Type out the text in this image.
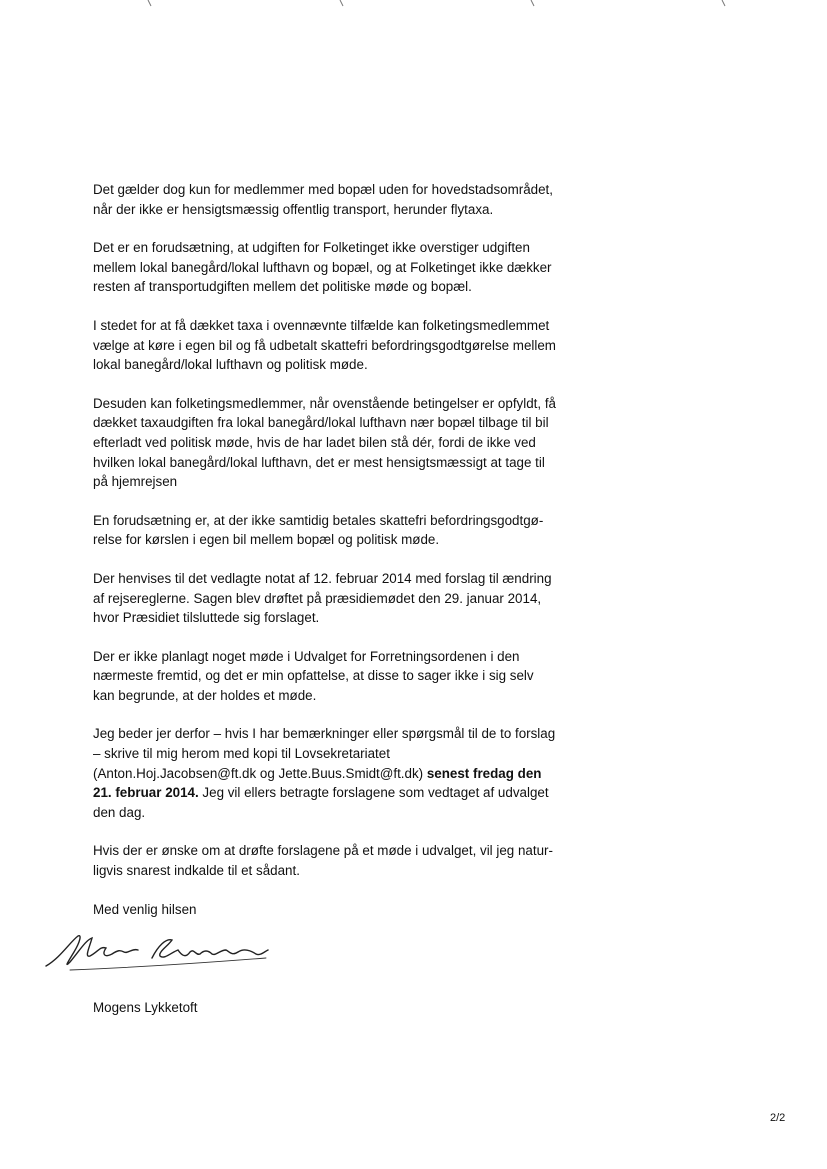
Det gælder dog kun for medlemmer med bopæl uden for hovedstadsområdet,
når der ikke er hensigtsmæssig offentlig transport, herunder flytaxa.

Det er en forudsætning, at udgiften for Folketinget ikke overstiger udgiften
mellem lokal banegård/lokal lufthavn og bopæl, og at Folketinget ikke dækker
resten af transportudgiften mellem det politiske møde og bopæl.

I stedet for at få dækket taxa i ovennævnte tilfælde kan folketingsmedlemmet
vælge at køre i egen bil og få udbetalt skattefri befordringsgodtgørelse mellem
lokal banegård/lokal lufthavn og politisk møde.

Desuden kan folketingsmedlemmer, når ovenstående betingelser er opfyldt, få
dækket taxaudgiften fra lokal banegård/lokal lufthavn nær bopæl tilbage til bil
efterladt ved politisk møde, hvis de har ladet bilen stå dér, fordi de ikke ved
hvilken lokal banegård/lokal lufthavn, det er mest hensigtsmæssigt at tage til
på hjemrejsen

En forudsætning er, at der ikke samtidig betales skattefri befordringsgodtgø-
relse for kørslen i egen bil mellem bopæl og politisk møde.

Der henvises til det vedlagte notat af 12. februar 2014 med forslag til ændring
af rejsereglerne. Sagen blev drøftet på præsidiemødet den 29. januar 2014,
hvor Præsidiet tilsluttede sig forslaget.

Der er ikke planlagt noget møde i Udvalget for Forretningsordenen i den
nærmeste fremtid, og det er min opfattelse, at disse to sager ikke i sig selv
kan begrunde, at der holdes et møde.

Jeg beder jer derfor – hvis I har bemærkninger eller spørgsmål til de to forslag
– skrive til mig herom med kopi til Lovsekretariatet
(Anton.Hoj.Jacobsen@ft.dk og Jette.Buus.Smidt@ft.dk) senest fredag den
21. februar 2014. Jeg vil ellers betragte forslagene som vedtaget af udvalget
den dag.

Hvis der er ønske om at drøfte forslagene på et møde i udvalget, vil jeg natur-
ligvis snarest indkalde til et sådant.

Med venlig hilsen

Mogens Lykketoft
2/2
